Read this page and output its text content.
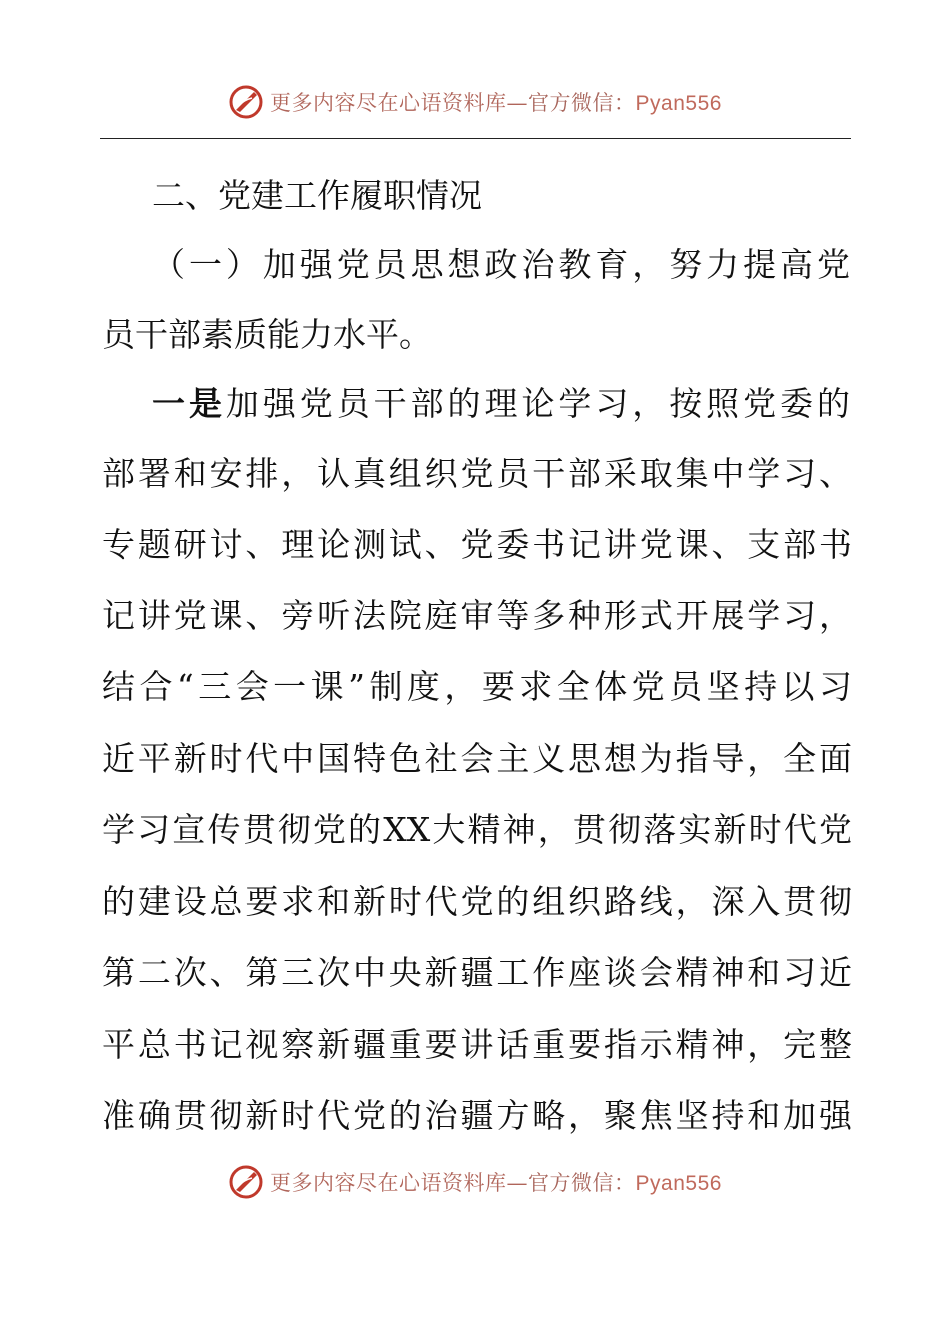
更多内容尽在心语资料库—官方微信：Pyan556
二、党建工作履职情况
（一）加强党员思想政治教育，努力提高党
员干部素质能力水平。
一是加强党员干部的理论学习，按照党委的
部署和安排，认真组织党员干部采取集中学习、
专题研讨、理论测试、党委书记讲党课、支部书
记讲党课、旁听法院庭审等多种形式开展学习，
结合“三会一课”制度，要求全体党员坚持以习
近平新时代中国特色社会主义思想为指导，全面
学习宣传贯彻党的XX大精神，贯彻落实新时代党
的建设总要求和新时代党的组织路线，深入贯彻
第二次、第三次中央新疆工作座谈会精神和习近
平总书记视察新疆重要讲话重要指示精神，完整
准确贯彻新时代党的治疆方略，聚焦坚持和加强
更多内容尽在心语资料库—官方微信：Pyan556
